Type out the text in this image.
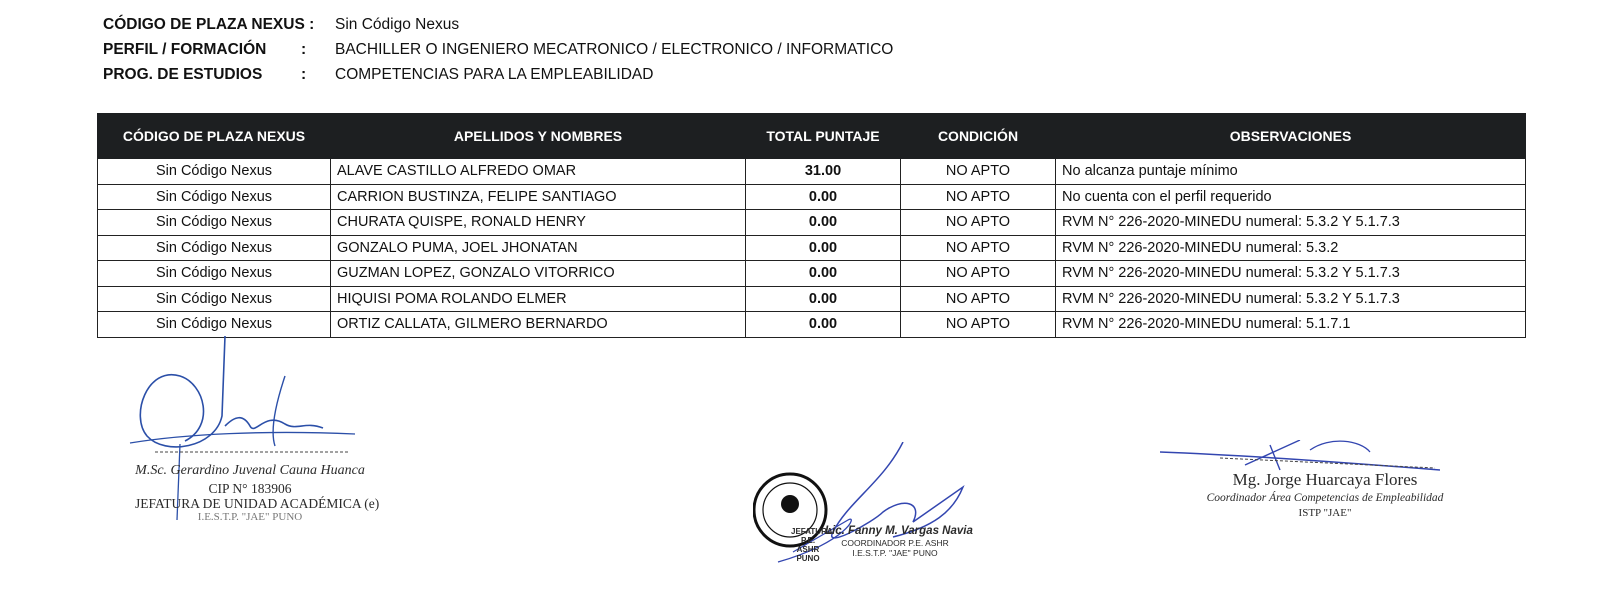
CÓDIGO DE PLAZA NEXUS : Sin Código Nexus
PERFIL / FORMACIÓN : BACHILLER O INGENIERO MECATRONICO / ELECTRONICO / INFORMATICO
PROG. DE ESTUDIOS : COMPETENCIAS PARA LA EMPLEABILIDAD
CÓDIGO DE PLAZA NEXUS	APELLIDOS Y NOMBRES	TOTAL PUNTAJE	CONDICIÓN	OBSERVACIONES
Sin Código Nexus	ALAVE CASTILLO ALFREDO OMAR	31.00	NO APTO	No alcanza puntaje mínimo
Sin Código Nexus	CARRION BUSTINZA, FELIPE SANTIAGO	0.00	NO APTO	No cuenta con el perfil requerido
Sin Código Nexus	CHURATA QUISPE, RONALD HENRY	0.00	NO APTO	RVM N° 226-2020-MINEDU numeral: 5.3.2 Y 5.1.7.3
Sin Código Nexus	GONZALO PUMA, JOEL JHONATAN	0.00	NO APTO	RVM N° 226-2020-MINEDU numeral: 5.3.2
Sin Código Nexus	GUZMAN LOPEZ, GONZALO VITORRICO	0.00	NO APTO	RVM N° 226-2020-MINEDU numeral: 5.3.2 Y 5.1.7.3
Sin Código Nexus	HIQUISI POMA ROLANDO ELMER	0.00	NO APTO	RVM N° 226-2020-MINEDU numeral: 5.3.2 Y 5.1.7.3
Sin Código Nexus	ORTIZ CALLATA, GILMERO BERNARDO	0.00	NO APTO	RVM N° 226-2020-MINEDU numeral: 5.1.7.1
M.Sc. Gerardino Juvenal Cauna Huanca
CIP N° 183906
JEFATURA DE UNIDAD ACADÉMICA (e)
I.E.S.T.P. "JAE" PUNO
JEFATURA P.E. ASHR PUNO
Lic. Fanny M. Vargas Navia
COORDINADOR P.E. ASHR
I.E.S.T.P. "JAE" PUNO
Mg. Jorge Huarcaya Flores
Coordinador Área Competencias de Empleabilidad
ISTP "JAE"
